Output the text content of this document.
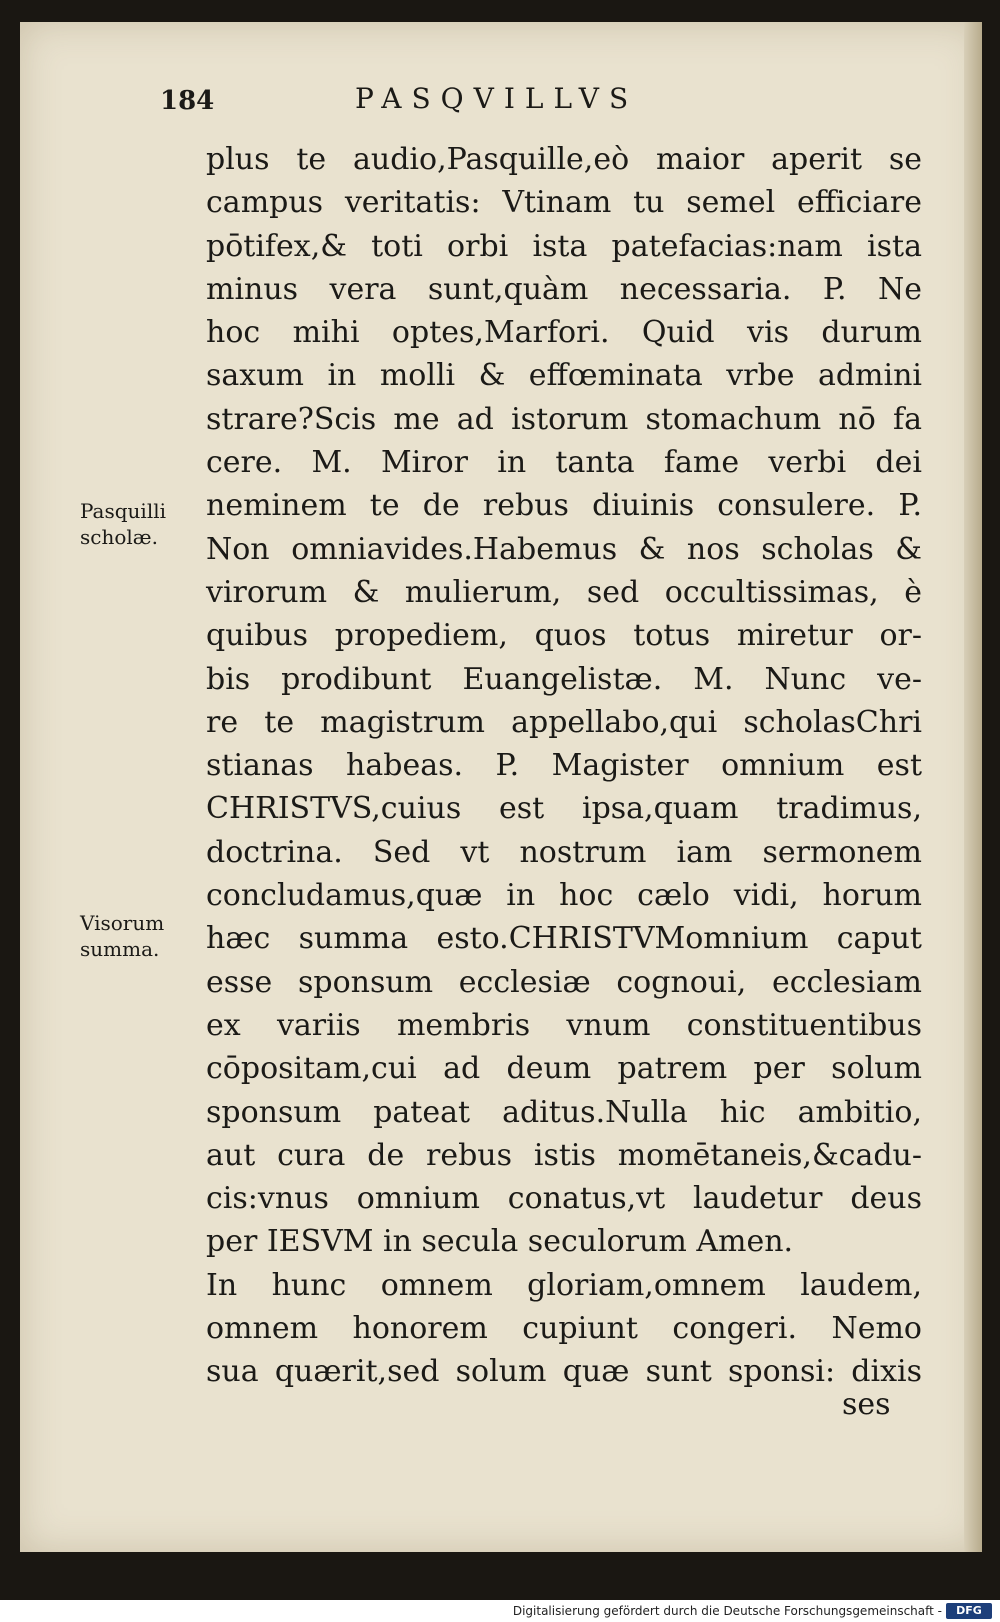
184	PASQVILLVS
plus te audio,Pasquille,eò maior aperit se
campus veritatis: Vtinam tu semel efficiare
pōtifex,& toti orbi ista patefacias:nam ista
minus vera sunt,quàm necessaria. P. Ne
hoc mihi optes,Marfori. Quid vis durum
saxum in molli & effœminata vrbe admini
strare?Scis me ad istorum stomachum nō fa
cere. M. Miror in tanta fame verbi dei
neminem te de rebus diuinis consulere. P.
Non omniavides.Habemus & nos scholas &
virorum & mulierum, sed occultissimas, è
quibus propediem, quos totus miretur or-
bis prodibunt Euangelistæ. M. Nunc ve-
re te magistrum appellabo,qui scholasChri
stianas habeas. P. Magister omnium est
CHRISTVS,cuius est ipsa,quam tradimus,
doctrina. Sed vt nostrum iam sermonem
concludamus,quæ in hoc cælo vidi, horum
hæc summa esto.CHRISTVMomnium caput
esse sponsum ecclesiæ cognoui, ecclesiam
ex variis membris vnum constituentibus
cōpositam,cui ad deum patrem per solum
sponsum pateat aditus.Nulla hic ambitio,
aut cura de rebus istis momētaneis,&cadu-
cis:vnus omnium conatus,vt laudetur deus
per IESVM in secula seculorum Amen.
In hunc omnem gloriam,omnem laudem,
omnem honorem cupiunt congeri. Nemo
sua quærit,sed solum quæ sunt sponsi: dixis
ses
Pasquilli
scholæ.
Visorum
summa.
Digitalisierung gefördert durch die Deutsche Forschungsgemeinschaft -	DFG
